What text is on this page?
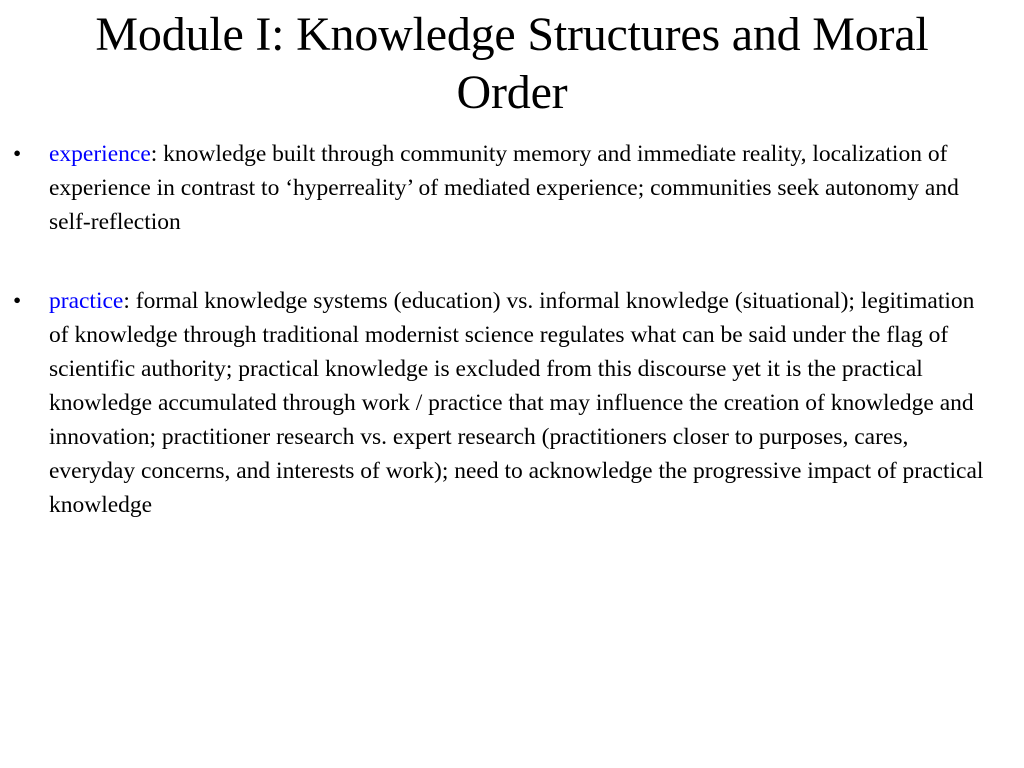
Module I: Knowledge Structures and Moral Order
• experience: knowledge built through community memory and immediate reality, localization of experience in contrast to ‘hyperreality’ of mediated experience; communities seek autonomy and self-reflection
• practice: formal knowledge systems (education) vs. informal knowledge (situational); legitimation of knowledge through traditional modernist science regulates what can be said under the flag of scientific authority; practical knowledge is excluded from this discourse yet it is the practical knowledge accumulated through work / practice that may influence the creation of knowledge and innovation; practitioner research vs. expert research (practitioners closer to purposes, cares, everyday concerns, and interests of work); need to acknowledge the progressive impact of practical knowledge
